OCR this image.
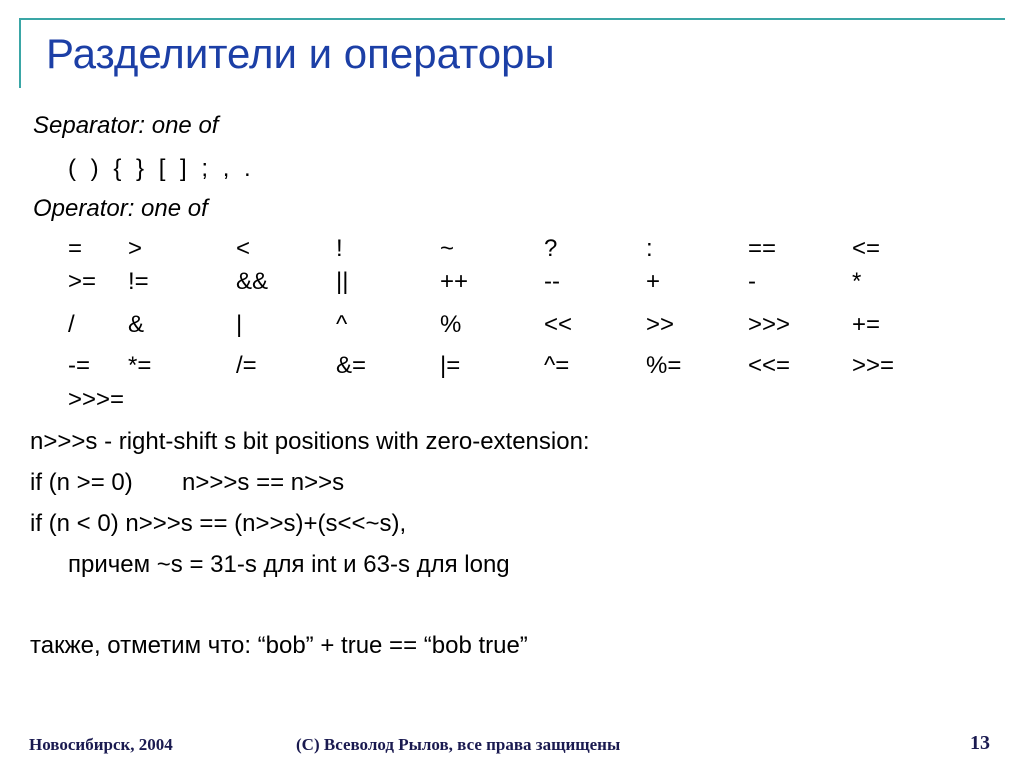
Разделители и операторы
Separator: one of
( ) { } [ ] ; , .
Operator: one of
= >	<	!	~	?	:	==	<=
>= !=	&&	||	++	--	+	-	*
/ &	|	^	%	<<	>>	>>>	+=
-= *=	/=	&=	|=	^=	%=	<<=	>>=
>>>=
n>>>s - right-shift s bit positions with zero-extension:
if (n >= 0) n>>>s == n>>s
if (n < 0) n>>>s == (n>>s)+(s<<~s),
причем ~s = 31-s для int и 63-s для long
также, отметим что: “bob” + true == “bob true”
Новосибирск, 2004	(С) Всеволод Рылов, все права защищены	13
